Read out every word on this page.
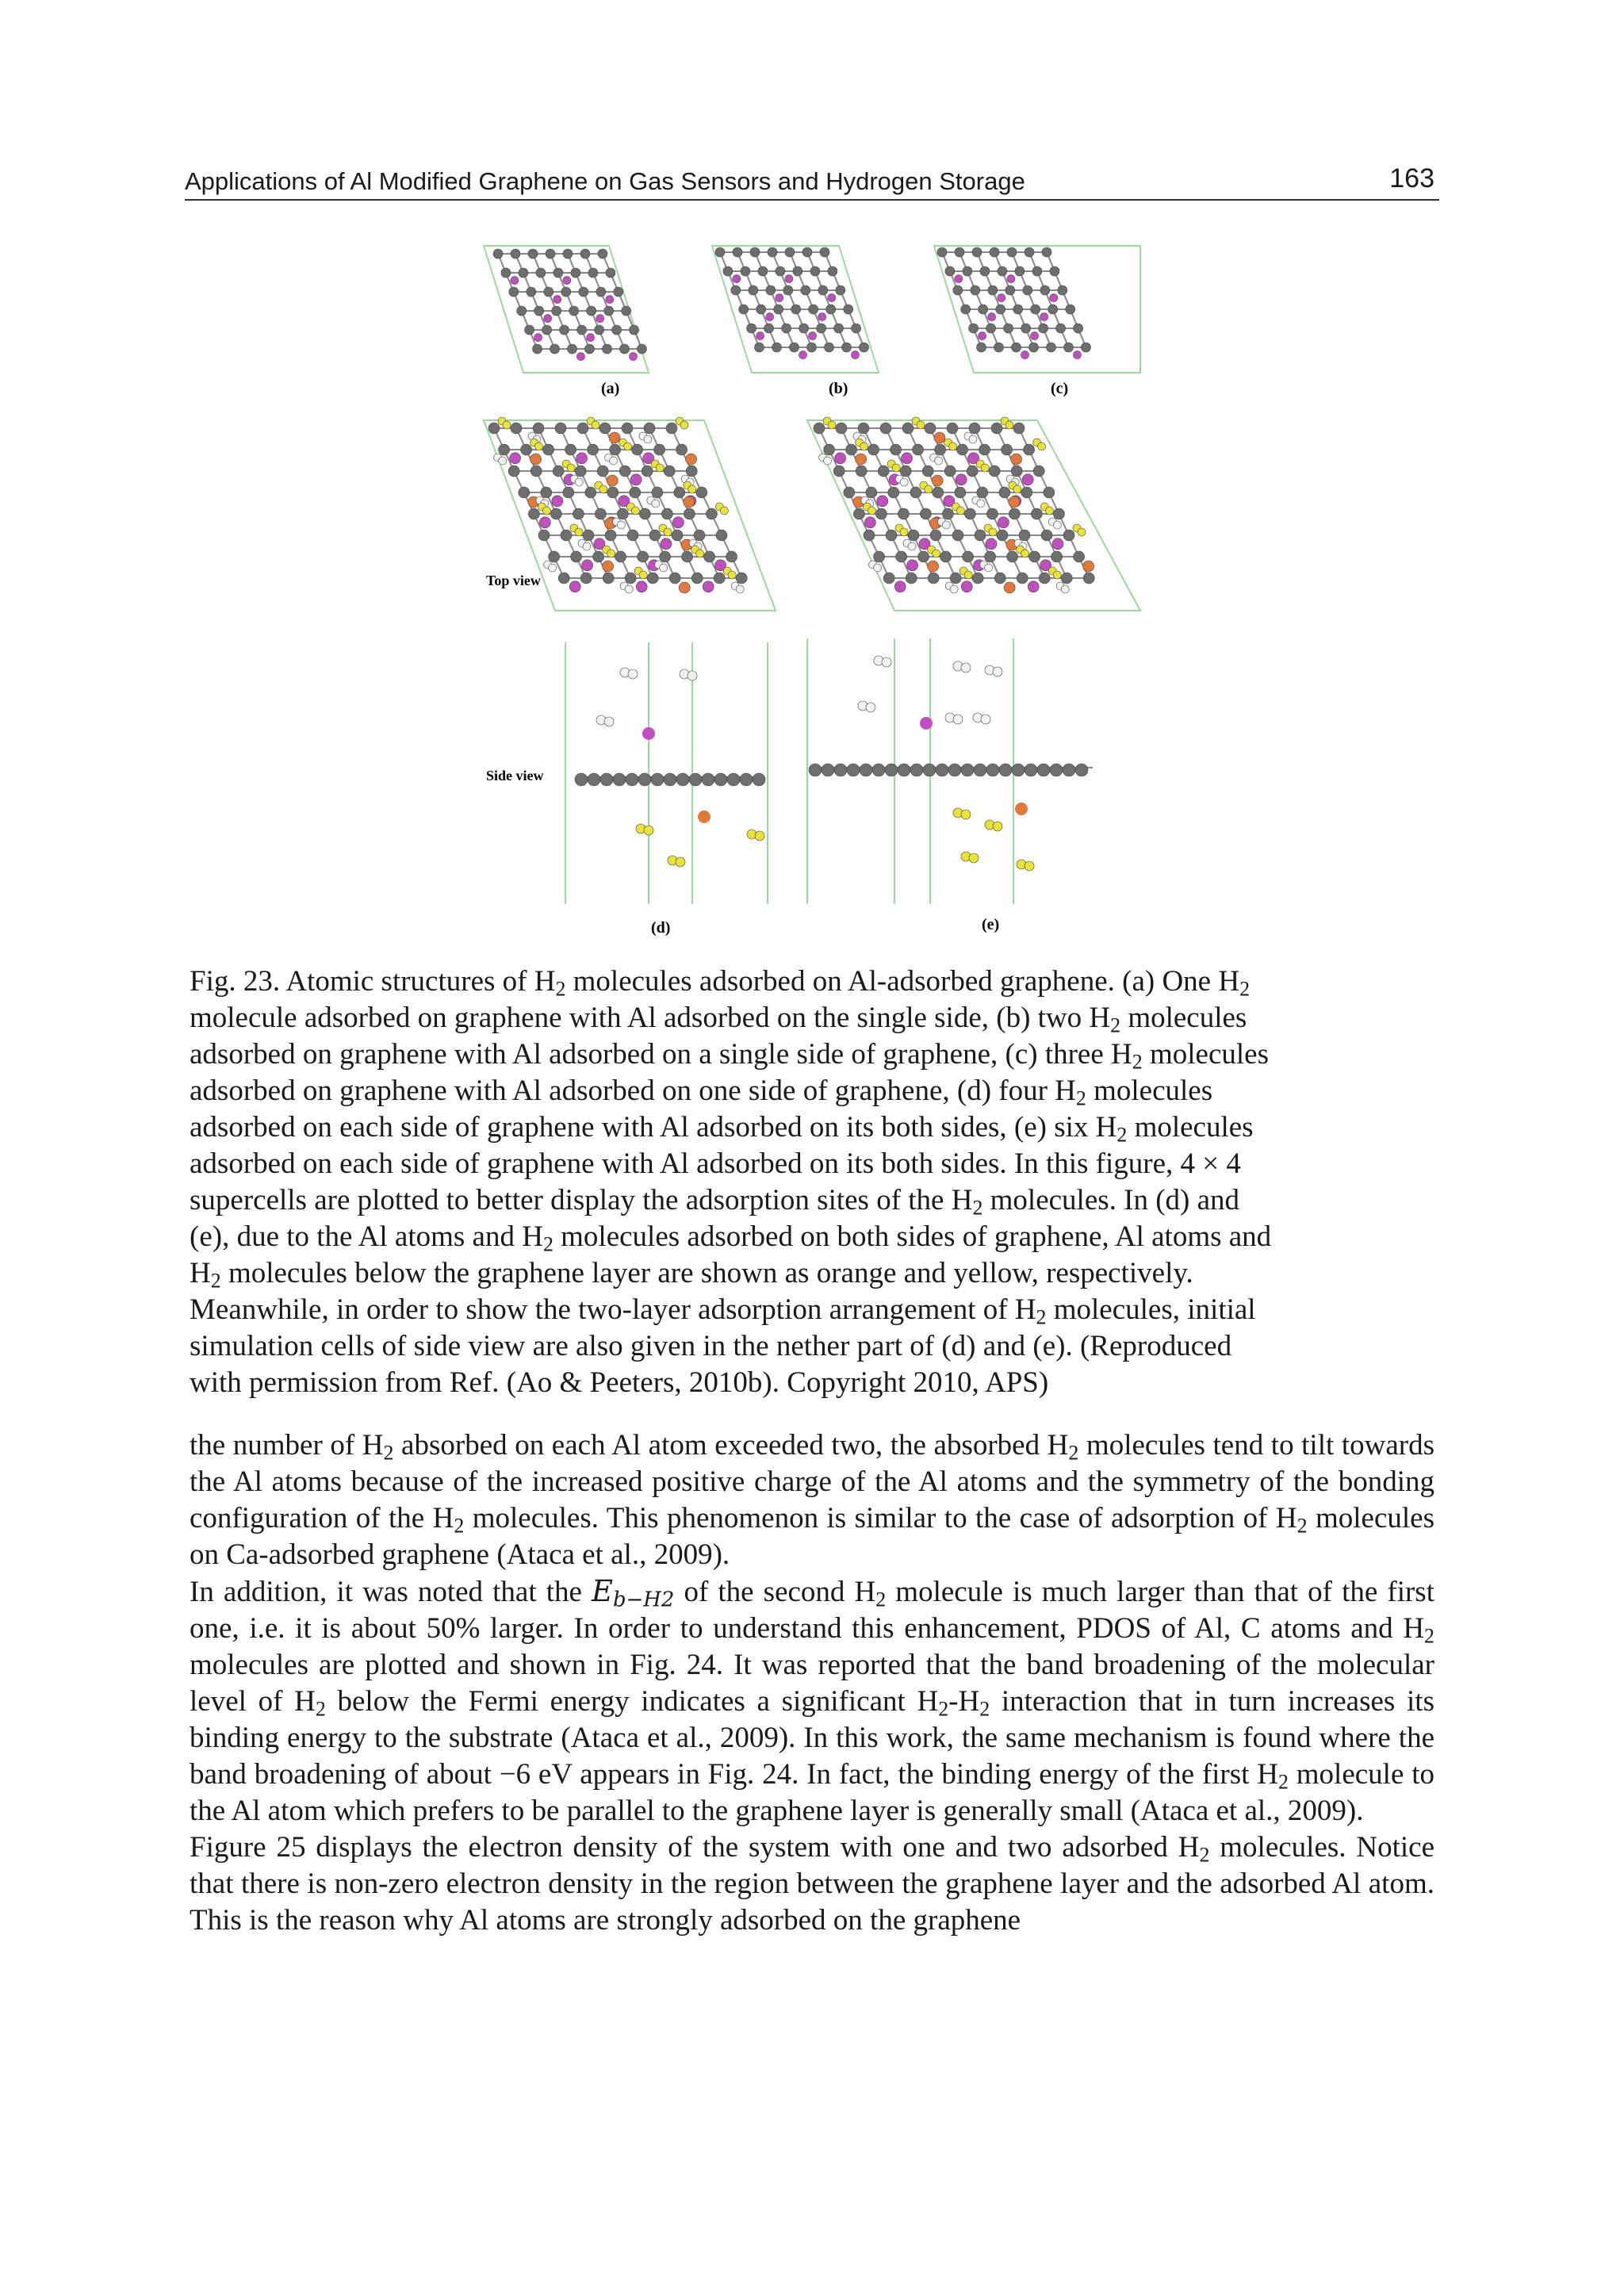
Applications of Al Modified Graphene on Gas Sensors and Hydrogen Storage	163
(a)	(b)	(c)
Top view
Side view
(d)	(e)
Fig. 23. Atomic structures of $H_2$ molecules adsorbed on Al-adsorbed graphene. (a) One $H_2$
molecule adsorbed on graphene with Al adsorbed on the single side, (b) two $H_2$ molecules
adsorbed on graphene with Al adsorbed on a single side of graphene, (c) three $H_2$ molecules
adsorbed on graphene with Al adsorbed on one side of graphene, (d) four $H_2$ molecules
adsorbed on each side of graphene with Al adsorbed on its both sides, (e) six $H_2$ molecules
adsorbed on each side of graphene with Al adsorbed on its both sides. In this figure, 4 × 4
supercells are plotted to better display the adsorption sites of the $H_2$ molecules. In (d) and
(e), due to the Al atoms and $H_2$ molecules adsorbed on both sides of graphene, Al atoms and
$H_2$ molecules below the graphene layer are shown as orange and yellow, respectively.
Meanwhile, in order to show the two-layer adsorption arrangement of $H_2$ molecules, initial
simulation cells of side view are also given in the nether part of (d) and (e). (Reproduced
with permission from Ref. (Ao & Peeters, 2010b). Copyright 2010, APS)

the number of $H_2$ absorbed on each Al atom exceeded two, the absorbed $H_2$ molecules tend to tilt towards the Al atoms because of the increased positive charge of the Al atoms and the symmetry of the bonding configuration of the $H_2$ molecules. This phenomenon is similar to the case of adsorption of $H_2$ molecules on Ca-adsorbed graphene (Ataca et al., 2009).

In addition, it was noted that the $E_{b-H2}$ of the second $H_2$ molecule is much larger than that of the first one, i.e. it is about 50% larger. In order to understand this enhancement, PDOS of Al, C atoms and $H_2$ molecules are plotted and shown in Fig. 24. It was reported that the band broadening of the molecular level of $H_2$ below the Fermi energy indicates a significant $H_2-H_2$ interaction that in turn increases its binding energy to the substrate (Ataca et al., 2009). In this work, the same mechanism is found where the band broadening of about −6 eV appears in Fig. 24. In fact, the binding energy of the first $H_2$ molecule to the Al atom which prefers to be parallel to the graphene layer is generally small (Ataca et al., 2009).

Figure 25 displays the electron density of the system with one and two adsorbed $H_2$ molecules. Notice that there is non-zero electron density in the region between the graphene layer and the adsorbed Al atom. This is the reason why Al atoms are strongly adsorbed on the graphene
